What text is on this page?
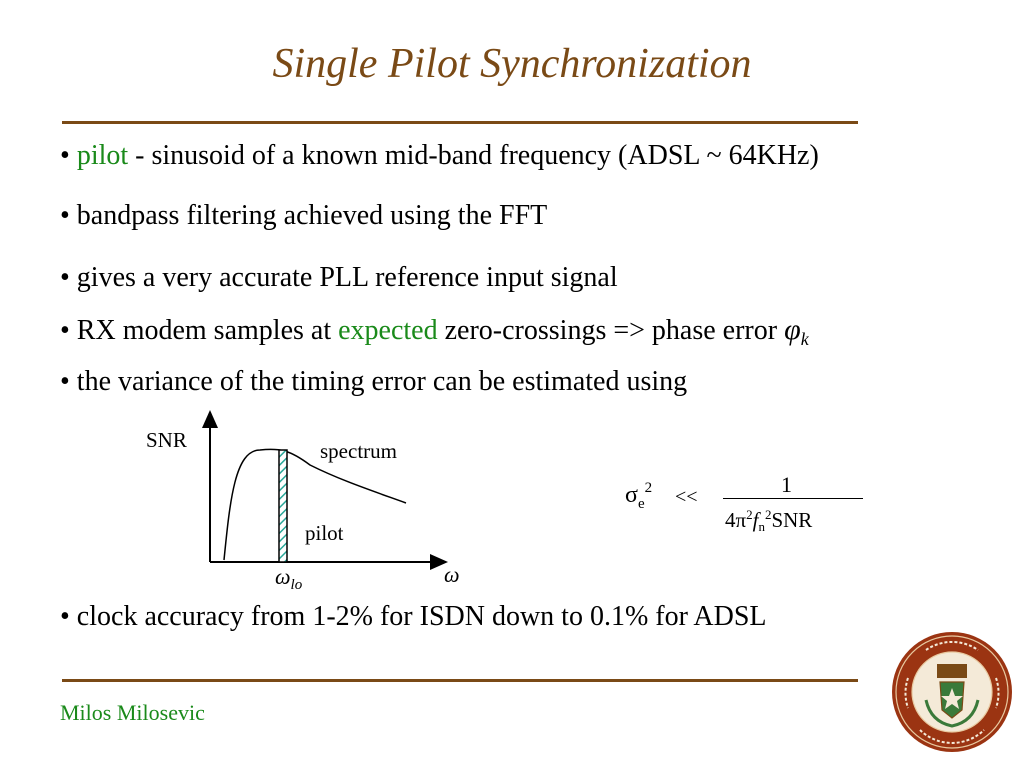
Single Pilot Synchronization
• pilot - sinusoid of a known mid-band frequency (ADSL ~ 64KHz)
• bandpass filtering achieved using the FFT
• gives a very accurate PLL reference input signal
• RX modem samples at expected zero-crossings => phase error $\varphi_k$
• the variance of the timing error can be estimated using
SNR	spectrum
pilot
$\omega_{lo}$	ω
$\sigma_e^2$ <<	1
$4\pi^2fn^2SNR$
• clock accuracy from 1-2% for ISDN down to 0.1% for ADSL
Milos Milosevic
